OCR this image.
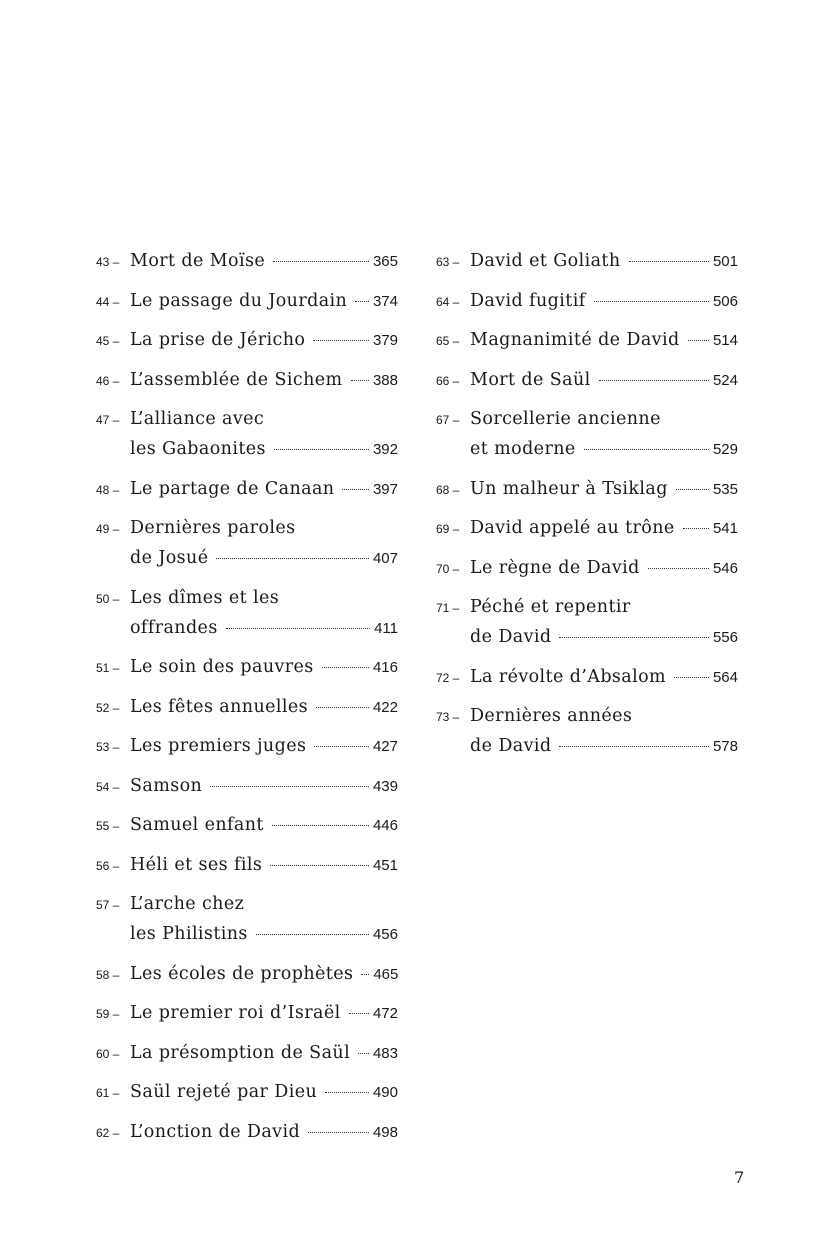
43 – Mort de Moïse	365
44 – Le passage du Jourdain 374
45 – La prise de Jéricho	379
46 – L’assemblée de Sichem 388
47 – L’alliance avec
les Gabaonites	392
48 – Le partage de Canaan	397
49 – Dernières paroles
de Josué	407
50 – Les dîmes et les
offrandes	411
51 – Le soin des pauvres	416
52 – Les fêtes annuelles	422
53 – Les premiers juges	427
54 – Samson	439
55 – Samuel enfant	446
56 – Héli et ses fils	451
57 – L’arche chez
les Philistins	456
58 – Les écoles de prophètes 465
59 – Le premier roi d’Israël 472
60 – La présomption de Saül 483
61 – Saül rejeté par Dieu	490
62 – L’onction de David	498
63 – David et Goliath	501
64 – David fugitif	506
65 – Magnanimité de David 514
66 – Mort de Saül	524
67 – Sorcellerie ancienne
et moderne	529
68 – Un malheur à Tsiklag	535
69 – David appelé au trône	541
70 – Le règne de David	546
71 – Péché et repentir
de David	556
72 – La révolte d’Absalom	564
73 – Dernières années
de David	578
7
